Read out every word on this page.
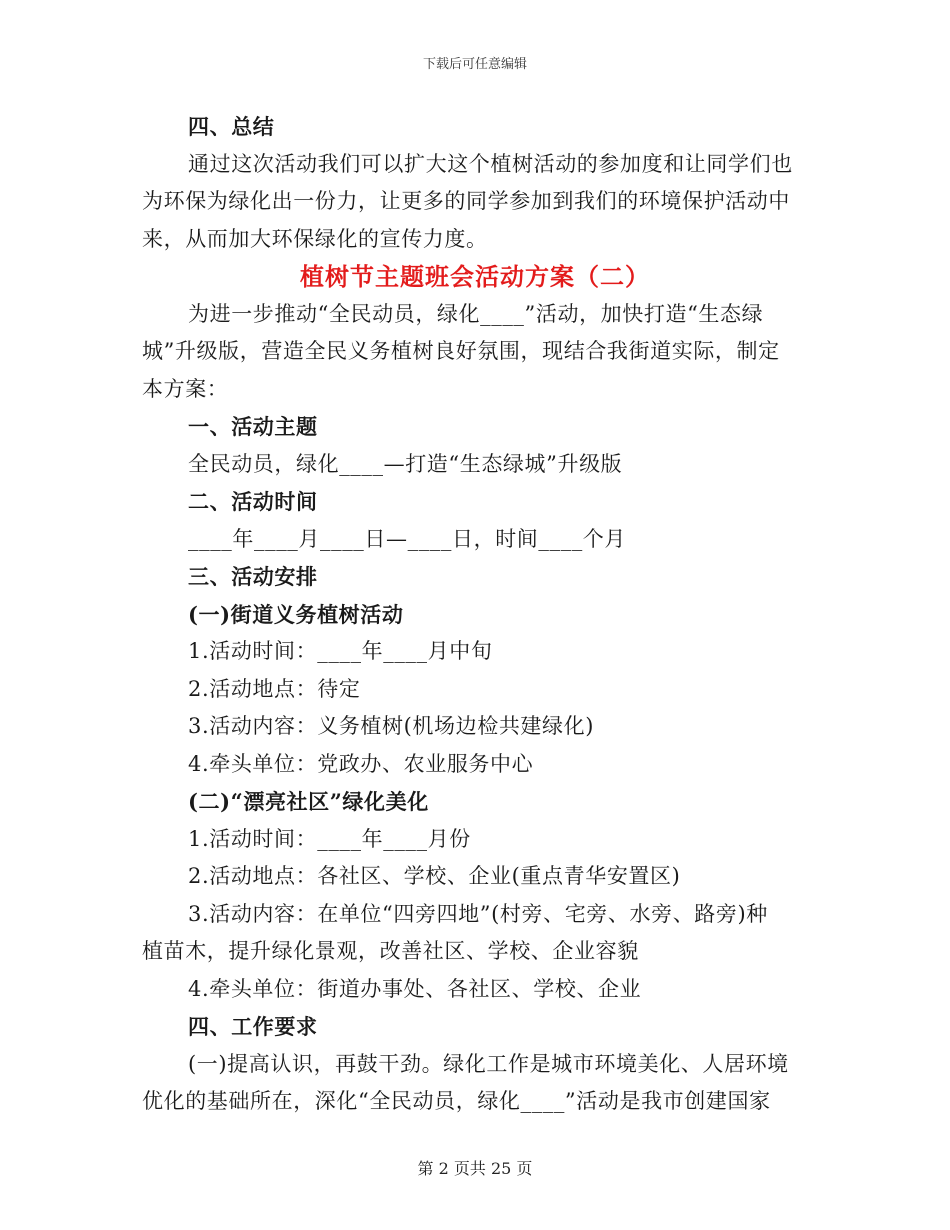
下载后可任意编辑
四、总结
通过这次活动我们可以扩大这个植树活动的参加度和让同学们也
为环保为绿化出一份力，让更多的同学参加到我们的环境保护活动中
来，从而加大环保绿化的宣传力度。
植树节主题班会活动方案（二）
为进一步推动“全民动员，绿化____”活动，加快打造“生态绿
城”升级版，营造全民义务植树良好氛围，现结合我街道实际，制定
本方案：
一、活动主题
全民动员，绿化____—打造“生态绿城”升级版
二、活动时间
____年____月____日—____日，时间____个月
三、活动安排
(一)街道义务植树活动
1.活动时间：____年____月中旬
2.活动地点：待定
3.活动内容：义务植树(机场边检共建绿化)
4.牵头单位：党政办、农业服务中心
(二)“漂亮社区”绿化美化
1.活动时间：____年____月份
2.活动地点：各社区、学校、企业(重点青华安置区)
3.活动内容：在单位“四旁四地”(村旁、宅旁、水旁、路旁)种
植苗木，提升绿化景观，改善社区、学校、企业容貌
4.牵头单位：街道办事处、各社区、学校、企业
四、工作要求
(一)提高认识，再鼓干劲。绿化工作是城市环境美化、人居环境
优化的基础所在，深化“全民动员，绿化____”活动是我市创建国家
第 2 页共 25 页
